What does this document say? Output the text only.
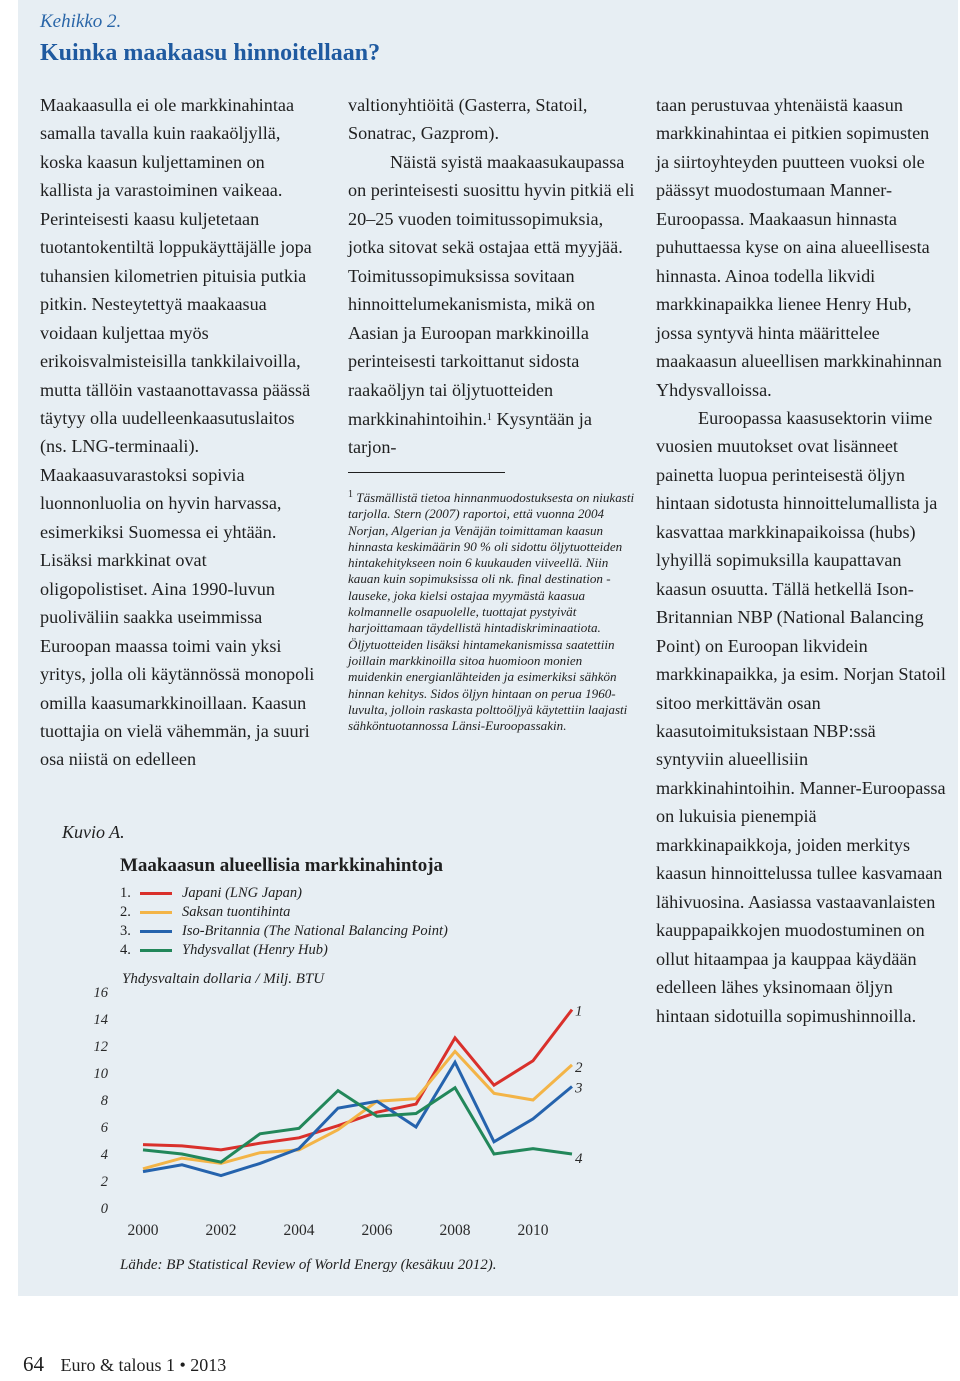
Kehikko 2.
Kuinka maakaasu hinnoitellaan?

Maakaasulla ei ole markkinahintaa samalla tavalla kuin raakaöljyllä, koska kaasun kuljettaminen on kallista ja varastoiminen vaikeaa. Perinteisesti kaasu kuljetetaan tuotantokentiltä loppukäyttäjälle jopa tuhansien kilometrien pituisia putkia pitkin. Nesteytettyä maakaasua voidaan kuljettaa myös erikoisvalmisteisilla tankkilaivoilla, mutta tällöin vastaanottavassa päässä täytyy olla uudelleenkaasutuslaitos (ns. LNG-terminaali). Maakaasuvarastoksi sopivia luonnonluolia on hyvin harvassa, esimerkiksi Suomessa ei yhtään. Lisäksi markkinat ovat oligopolistiset. Aina 1990-luvun puoliväliin saakka useimmissa Euroopan maassa toimi vain yksi yritys, jolla oli käytännössä monopoli omilla kaasumarkkinoillaan. Kaasun tuottajia on vielä vähemmän, ja suuri osa niistä on edelleen

valtionyhtiöitä (Gasterra, Statoil, Sonatrac, Gazprom).

Näistä syistä maakaasukaupassa on perinteisesti suosittu hyvin pitkiä eli 20–25 vuoden toimitussopimuksia, jotka sitovat sekä ostajaa että myyjää. Toimitussopimuksissa sovitaan hinnoittelumekanismista, mikä on Aasian ja Euroopan markkinoilla perinteisesti tarkoittanut sidosta raakaöljyn tai öljytuotteiden markkinahintoihin.$^1$ Kysyntään ja tarjon-

$^1$ Täsmällistä tietoa hinnanmuodostuksesta on niukasti tarjolla. Stern (2007) raportoi, että vuonna 2004 Norjan, Algerian ja Venäjän toimittaman kaasun hinnasta keskimäärin 90 % oli sidottu öljytuotteiden hintakehitykseen noin 6 kuukauden viiveellä. Niin kauan kuin sopimuksissa oli nk. final destination -lauseke, joka kielsi ostajaa myymästä kaasua kolmannelle osapuolelle, tuottajat pystyivät harjoittamaan täydellistä hintadiskriminaatiota. Öljytuotteiden lisäksi hintamekanismissa saatettiin joillain markkinoilla sitoa huomioon monien muidenkin energianlähteiden ja esimerkiksi sähkön hinnan kehitys. Sidos öljyn hintaan on perua 1960-luvulta, jolloin raskasta polttoöljyä käytettiin laajasti sähköntuotannossa Länsi-Euroopassakin.

taan perustuvaa yhtenäistä kaasun markkinahintaa ei pitkien sopimusten ja siirtoyhteyden puutteen vuoksi ole päässyt muodostumaan Manner-Euroopassa. Maakaasun hinnasta puhuttaessa kyse on aina alueellisesta hinnasta. Ainoa todella likvidi markkinapaikka lienee Henry Hub, jossa syntyvä hinta määrittelee maakaasun alueellisen markkinahinnan Yhdysvalloissa.

Euroopassa kaasusektorin viime vuosien muutokset ovat lisänneet painetta luopua perinteisestä öljyn hintaan sidotusta hinnoittelumallista ja kasvattaa markkinapaikoissa (hubs) lyhyillä sopimuksilla kaupattavan kaasun osuutta. Tällä hetkellä Ison-Britannian NBP (National Balancing Point) on Euroopan likvidein markkinapaikka, ja esim. Norjan Statoil sitoo merkittävän osan kaasutoimituksistaan NBP:ssä syntyviin alueellisiin markkinahintoihin. Manner-Euroopassa on lukuisia pienempiä markkinapaikkoja, joiden merkitys kaasun hinnoittelussa tullee kasvamaan lähivuosina. Aasiassa vastaavanlaisten kauppapaikkojen muodostuminen on ollut hitaampaa ja kauppaa käydään edelleen lähes yksinomaan öljyn hintaan sidotuilla sopimushinnoilla.

Kuvio A.
Maakaasun alueellisia markkinahintoja
1.	Japani (LNG Japan)
2.	Saksan tuontihinta
3.	Iso-Britannia (The National Balancing Point)
4.	Yhdysvallat (Henry Hub)
Yhdysvaltain dollaria / Milj. BTU
0
2
4
6
8
10
12
14
16
2000	2002	2004	2006	2008	2010
1
2
3
4
Lähde: BP Statistical Review of World Energy (kesäkuu 2012).
64 Euro & talous 1 • 2013
